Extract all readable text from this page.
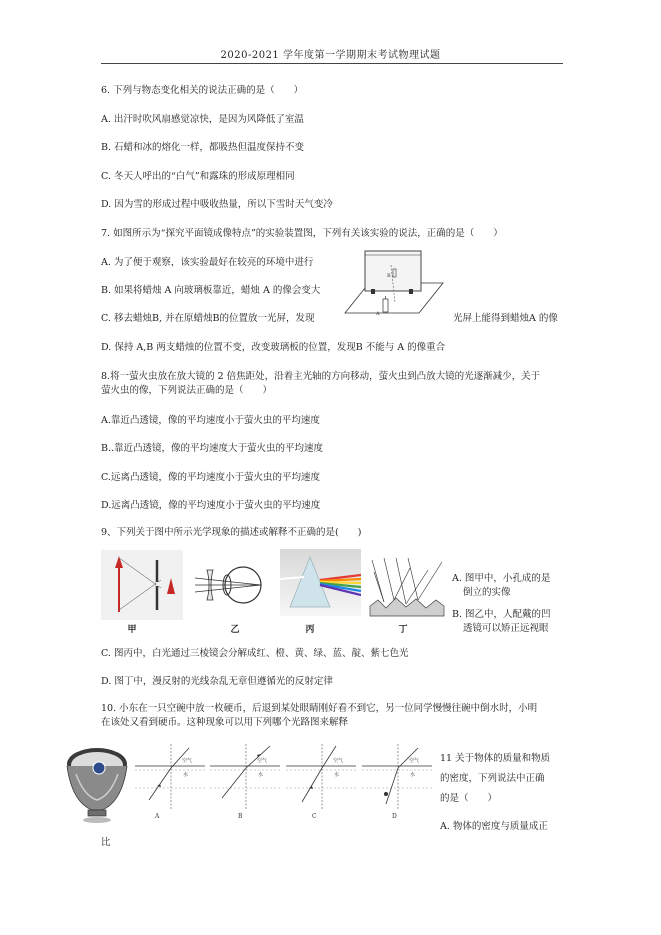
2020-2021 学年度第一学期期末考试物理试题
6. 下列与物态变化相关的说法正确的是（　　）
A. 出汗时吹风扇感觉凉快，是因为风降低了室温
B. 石蜡和冰的熔化一样，都吸热但温度保持不变
C. 冬天人呼出的“白气”和露珠的形成原理相同
D. 因为雪的形成过程中吸收热量，所以下雪时天气变冷
7. 如图所示为“探究平面镜成像特点”的实验装置图，下列有关该实验的说法，正确的是（　　）
A. 为了便于观察，该实验最好在较亮的环境中进行
B. 如果将蜡烛 A 向玻璃板靠近，蜡烛 A 的像会变大
C. 移去蜡烛B, 并在原蜡烛B的位置放一光屏，发现	光屏上能得到蜡烛A 的像
D. 保持 A,B 两支蜡烛的位置不变，改变玻璃板的位置，发现B 不能与 A 的像重合
A
B
8.将一萤火虫放在放大镜的 2 倍焦距处，沿着主光轴的方向移动，萤火虫到凸放大镜的光逐渐减少，关于
萤火虫的像，下列说法正确的是（　　）
A.靠近凸透镜，像的平均速度小于萤火虫的平均速度
B..靠近凸透镜，像的平均速度大于萤火虫的平均速度
C.远离凸透镜，像的平均速度小于萤火虫的平均速度
D.远离凸透镜，像的平均速度小于萤火虫的平均速度
9、下列关于图中所示光学现象的描述或解释不正确的是(　　)
甲	乙	丙	丁
A. 图甲中，小孔成的是
倒立的实像
B. 图乙中，人配戴的凹
透镜可以矫正远视眼
C. 图丙中，白光通过三棱镜会分解成红、橙、黄、绿、蓝、靛、紫七色光
D. 图丁中，漫反射的光线杂乱无章但遵循光的反射定律
10. 小东在一只空碗中放一枚硬币，后退到某处眼睛刚好看不到它，另一位同学慢慢往碗中倒水时，小明
在该处又看到硬币。这种现象可以用下列哪个光路图来解释
空气
水
A
空气
水
B
空气
水
C
空气
水
D
11 关于物体的质量和物质
的密度，下列说法中正确
的是（　　）
A. 物体的密度与质量成正
比
